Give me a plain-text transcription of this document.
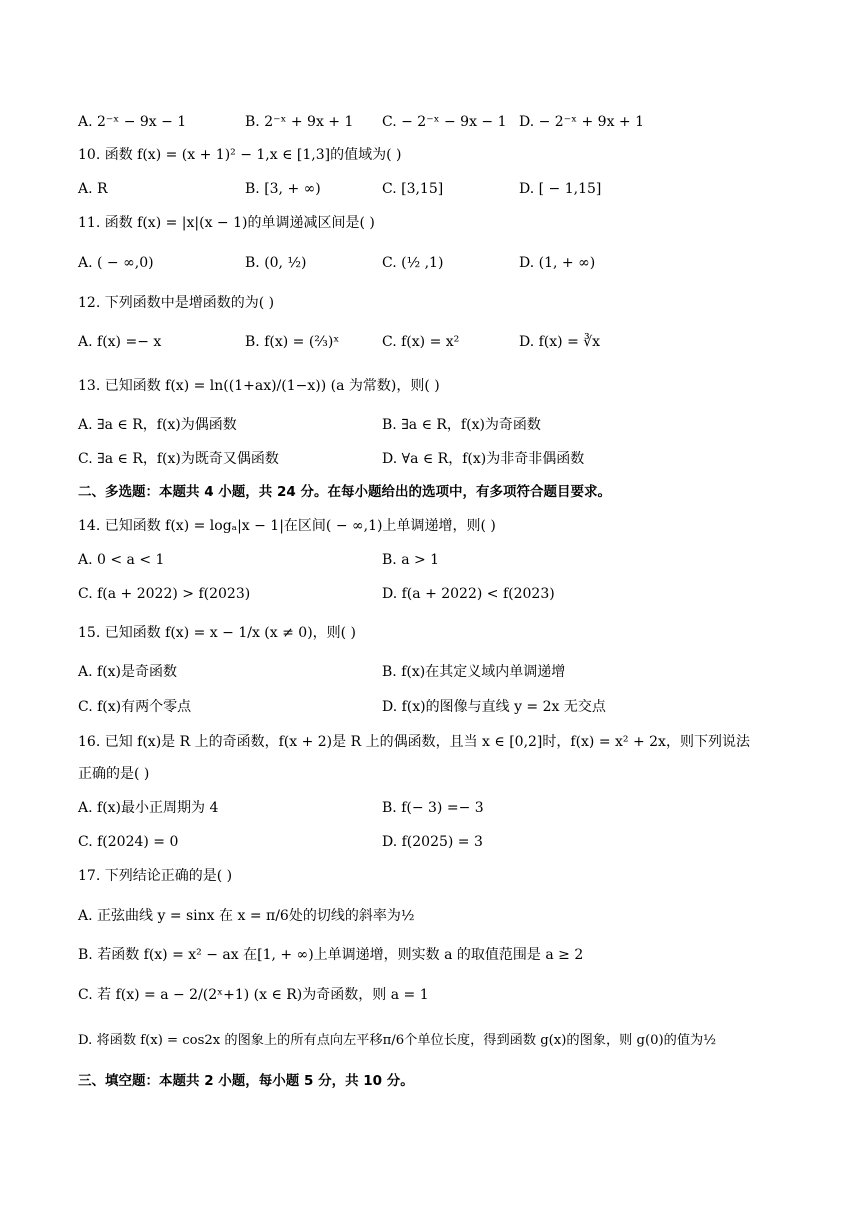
A. 2⁻ˣ − 9x − 1	B. 2⁻ˣ + 9x + 1 C. − 2⁻ˣ − 9x − 1 D. − 2⁻ˣ + 9x + 1
10. 函数 f(x) = (x + 1)² − 1,x ∈ [1,3]的值域为( )
A. R	B. [3, + ∞)	C. [3,15]	D. [ − 1,15]
11. 函数 f(x) = |x|(x − 1)的单调递减区间是( )
A. ( − ∞,0)	B. (0, ½)	C. (½ ,1)	D. (1, + ∞)
12. 下列函数中是增函数的为( )
A. f(x) =− x	B. f(x) = (⅔)ˣ	C. f(x) = x²	D. f(x) = ∛x
13. 已知函数 f(x) = ln((1+ax)/(1−x)) (a 为常数)，则( )
A. ∃a ∈ R，f(x)为偶函数	B. ∃a ∈ R，f(x)为奇函数
C. ∃a ∈ R，f(x)为既奇又偶函数	D. ∀a ∈ R，f(x)为非奇非偶函数
二、多选题：本题共 4 小题，共 24 分。在每小题给出的选项中，有多项符合题目要求。
14. 已知函数 f(x) = logₐ|x − 1|在区间( − ∞,1)上单调递增，则( )
A. 0 < a < 1	B. a > 1
C. f(a + 2022) > f(2023)	D. f(a + 2022) < f(2023)
15. 已知函数 f(x) = x − 1/x (x ≠ 0)，则( )
A. f(x)是奇函数	B. f(x)在其定义域内单调递增
C. f(x)有两个零点	D. f(x)的图像与直线 y = 2x 无交点
16. 已知 f(x)是 R 上的奇函数，f(x + 2)是 R 上的偶函数，且当 x ∈ [0,2]时，f(x) = x² + 2x，则下列说法
正确的是( )
A. f(x)最小正周期为 4	B. f(− 3) =− 3
C. f(2024) = 0	D. f(2025) = 3
17. 下列结论正确的是( )
A. 正弦曲线 y = sinx 在 x = π/6处的切线的斜率为½
B. 若函数 f(x) = x² − ax 在[1, + ∞)上单调递增，则实数 a 的取值范围是 a ≥ 2
C. 若 f(x) = a − 2/(2ˣ+1) (x ∈ R)为奇函数，则 a = 1
D. 将函数 f(x) = cos2x 的图象上的所有点向左平移π/6个单位长度，得到函数 g(x)的图象，则 g(0)的值为½
三、填空题：本题共 2 小题，每小题 5 分，共 10 分。
